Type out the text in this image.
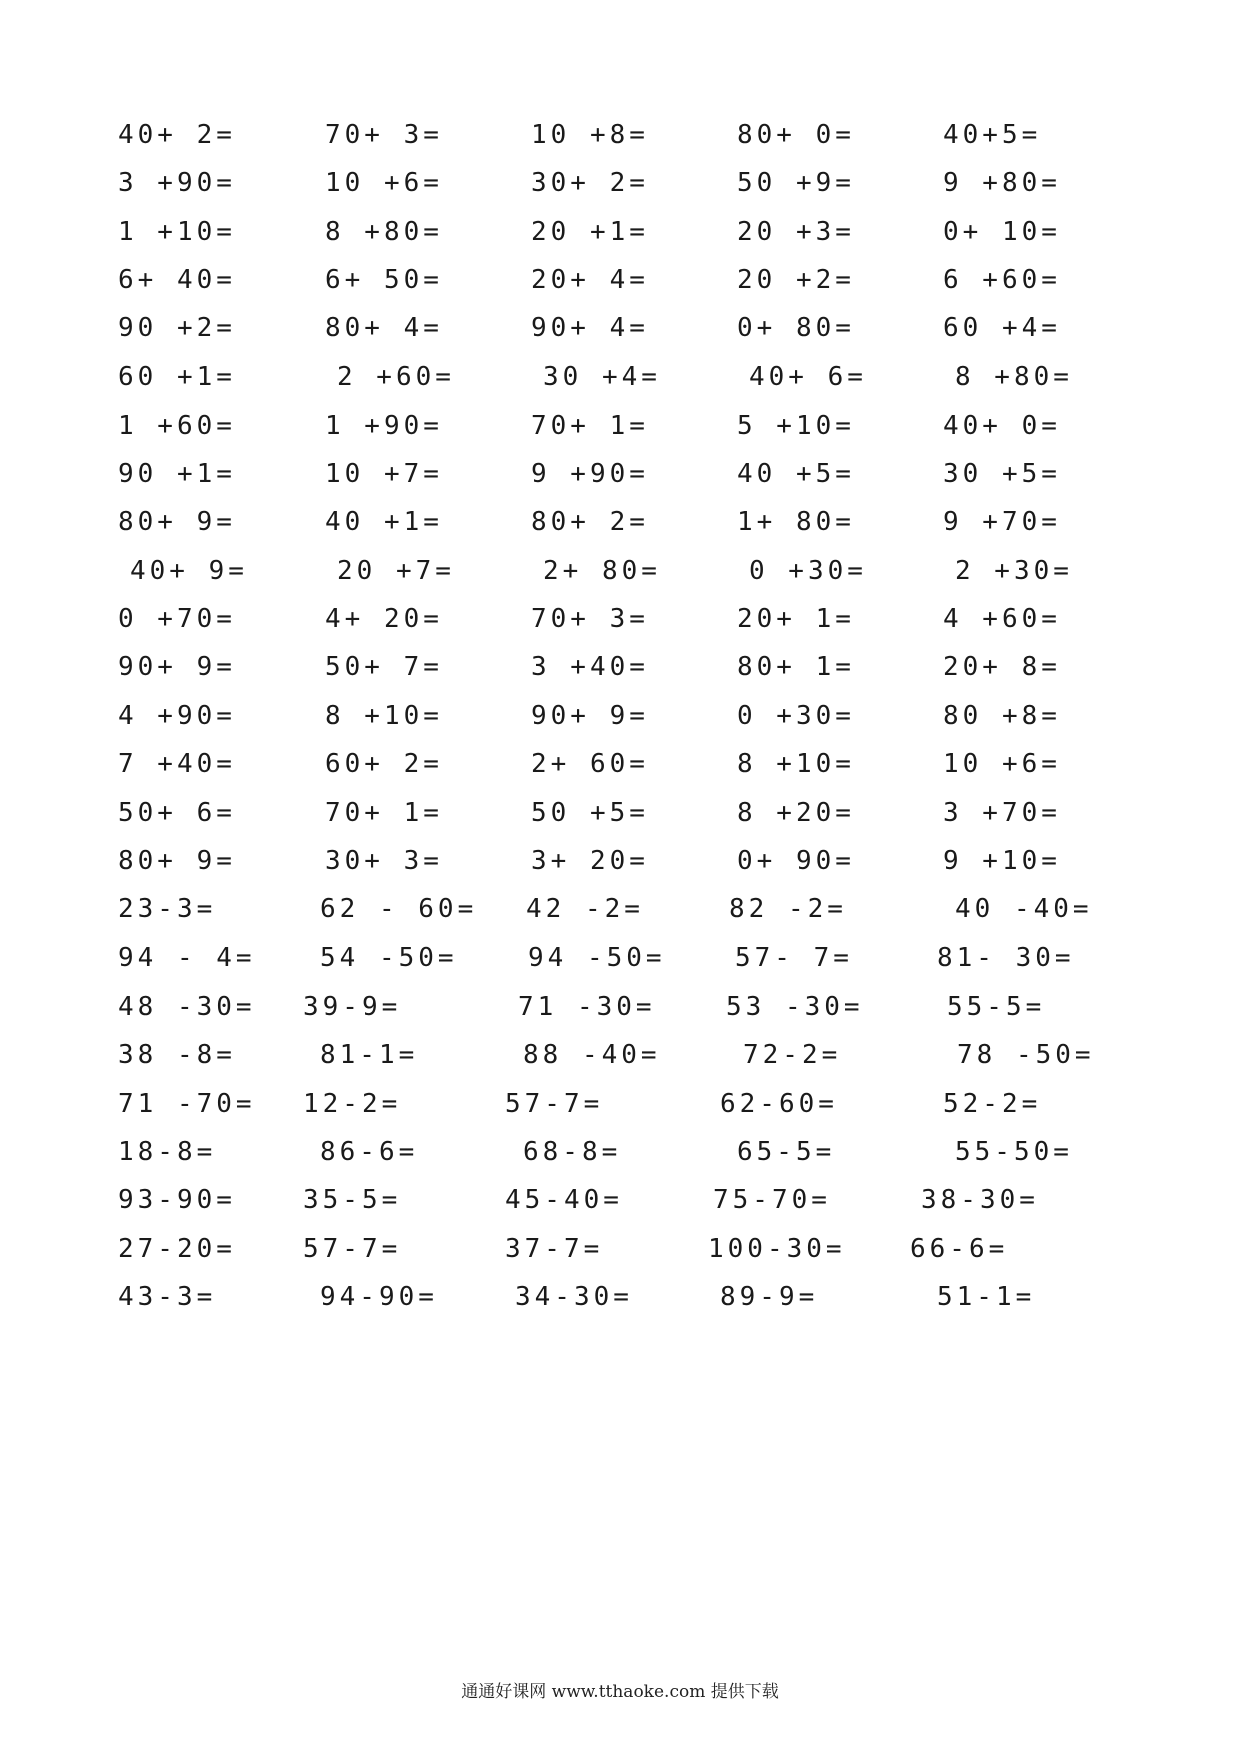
40+ 2=	70+ 3=	10 +8=	80+ 0=	40+5=
3 +90=	10 +6=	30+ 2=	50 +9=	9 +80=
1 +10=	8 +80=	20 +1=	20 +3=	0+ 10=
6+ 40=	6+ 50=	20+ 4=	20 +2=	6 +60=
90 +2=	80+ 4=	90+ 4=	0+ 80=	60 +4=
60 +1=	2 +60=	30 +4=	40+ 6=	8 +80=
1 +60=	1 +90=	70+ 1=	5 +10=	40+ 0=
90 +1=	10 +7=	9 +90=	40 +5=	30 +5=
80+ 9=	40 +1=	80+ 2=	1+ 80=	9 +70=
40+ 9=	20 +7=	2+ 80=	0 +30=	2 +30=
0 +70=	4+ 20=	70+ 3=	20+ 1=	4 +60=
90+ 9=	50+ 7=	3 +40=	80+ 1=	20+ 8=
4 +90=	8 +10=	90+ 9=	0 +30=	80 +8=
7 +40=	60+ 2=	2+ 60=	8 +10=	10 +6=
50+ 6=	70+ 1=	50 +5=	8 +20=	3 +70=
80+ 9=	30+ 3=	3+ 20=	0+ 90=	9 +10=
23-3=	62 - 60= 42 -2=	82 -2=	40 -40=
94 - 4= 54 -50=	94 -50=	57- 7=	81- 30=
48 -30= 39-9=	71 -30=	53 -30=	55-5=
38 -8=	81-1=	88 -40=	72-2=	78 -50=
71 -70= 12-2=	57-7=	62-60=	52-2=
18-8=	86-6=	68-8=	65-5=	55-50=
93-90=	35-5=	45-40=	75-70=	38-30=
27-20=	57-7=	37-7=	100-30= 66-6=
43-3=	94-90=	34-30=	89-9=	51-1=
通通好课网 www.tthaoke.com 提供下载
